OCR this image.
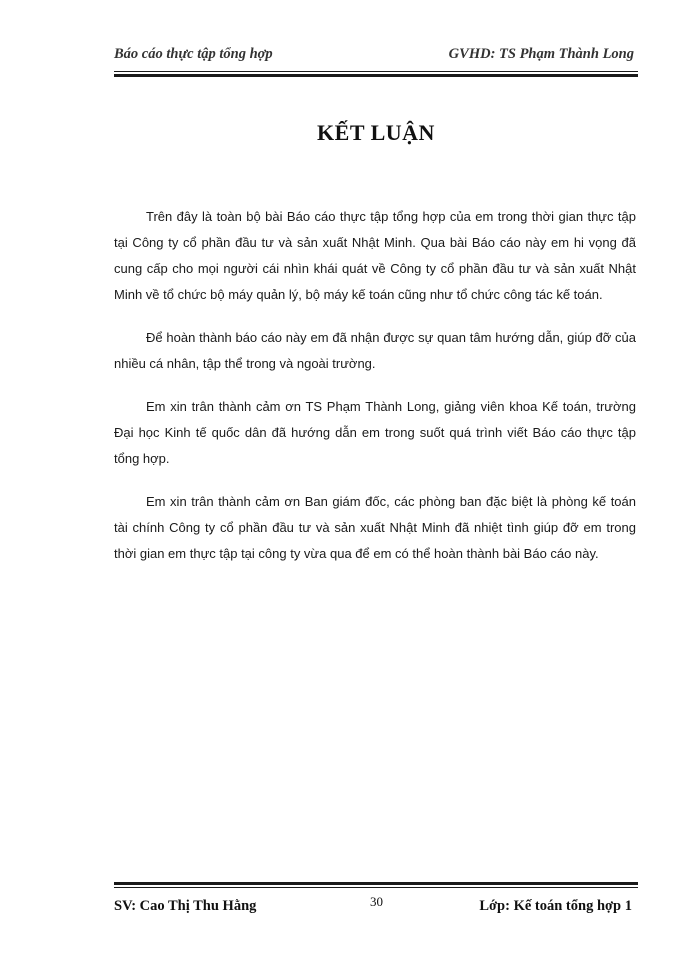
Báo cáo thực tập tổng hợp	GVHD: TS Phạm Thành Long
KẾT LUẬN

Trên đây là toàn bộ bài Báo cáo thực tập tổng hợp của em trong thời gian thực tập tại Công ty cổ phần đầu tư và sản xuất Nhật Minh. Qua bài Báo cáo này em hi vọng đã cung cấp cho mọi người cái nhìn khái quát về Công ty cổ phần đầu tư và sản xuất Nhật Minh về tổ chức bộ máy quản lý, bộ máy kế toán cũng như tổ chức công tác kế toán.

Để hoàn thành báo cáo này em đã nhận được sự quan tâm hướng dẫn, giúp đỡ của nhiều cá nhân, tập thể trong và ngoài trường.

Em xin trân thành cảm ơn TS Phạm Thành Long, giảng viên khoa Kế toán, trường Đại học Kinh tế quốc dân đã hướng dẫn em trong suốt quá trình viết Báo cáo thực tập tổng hợp.

Em xin trân thành cảm ơn Ban giám đốc, các phòng ban đặc biệt là phòng kế toán tài chính Công ty cổ phần đầu tư và sản xuất Nhật Minh đã nhiệt tình giúp đỡ em trong thời gian em thực tập tại công ty vừa qua để em có thể hoàn thành bài Báo cáo này.

SV: Cao Thị Thu Hằng	30	Lớp: Kế toán tổng hợp 1
